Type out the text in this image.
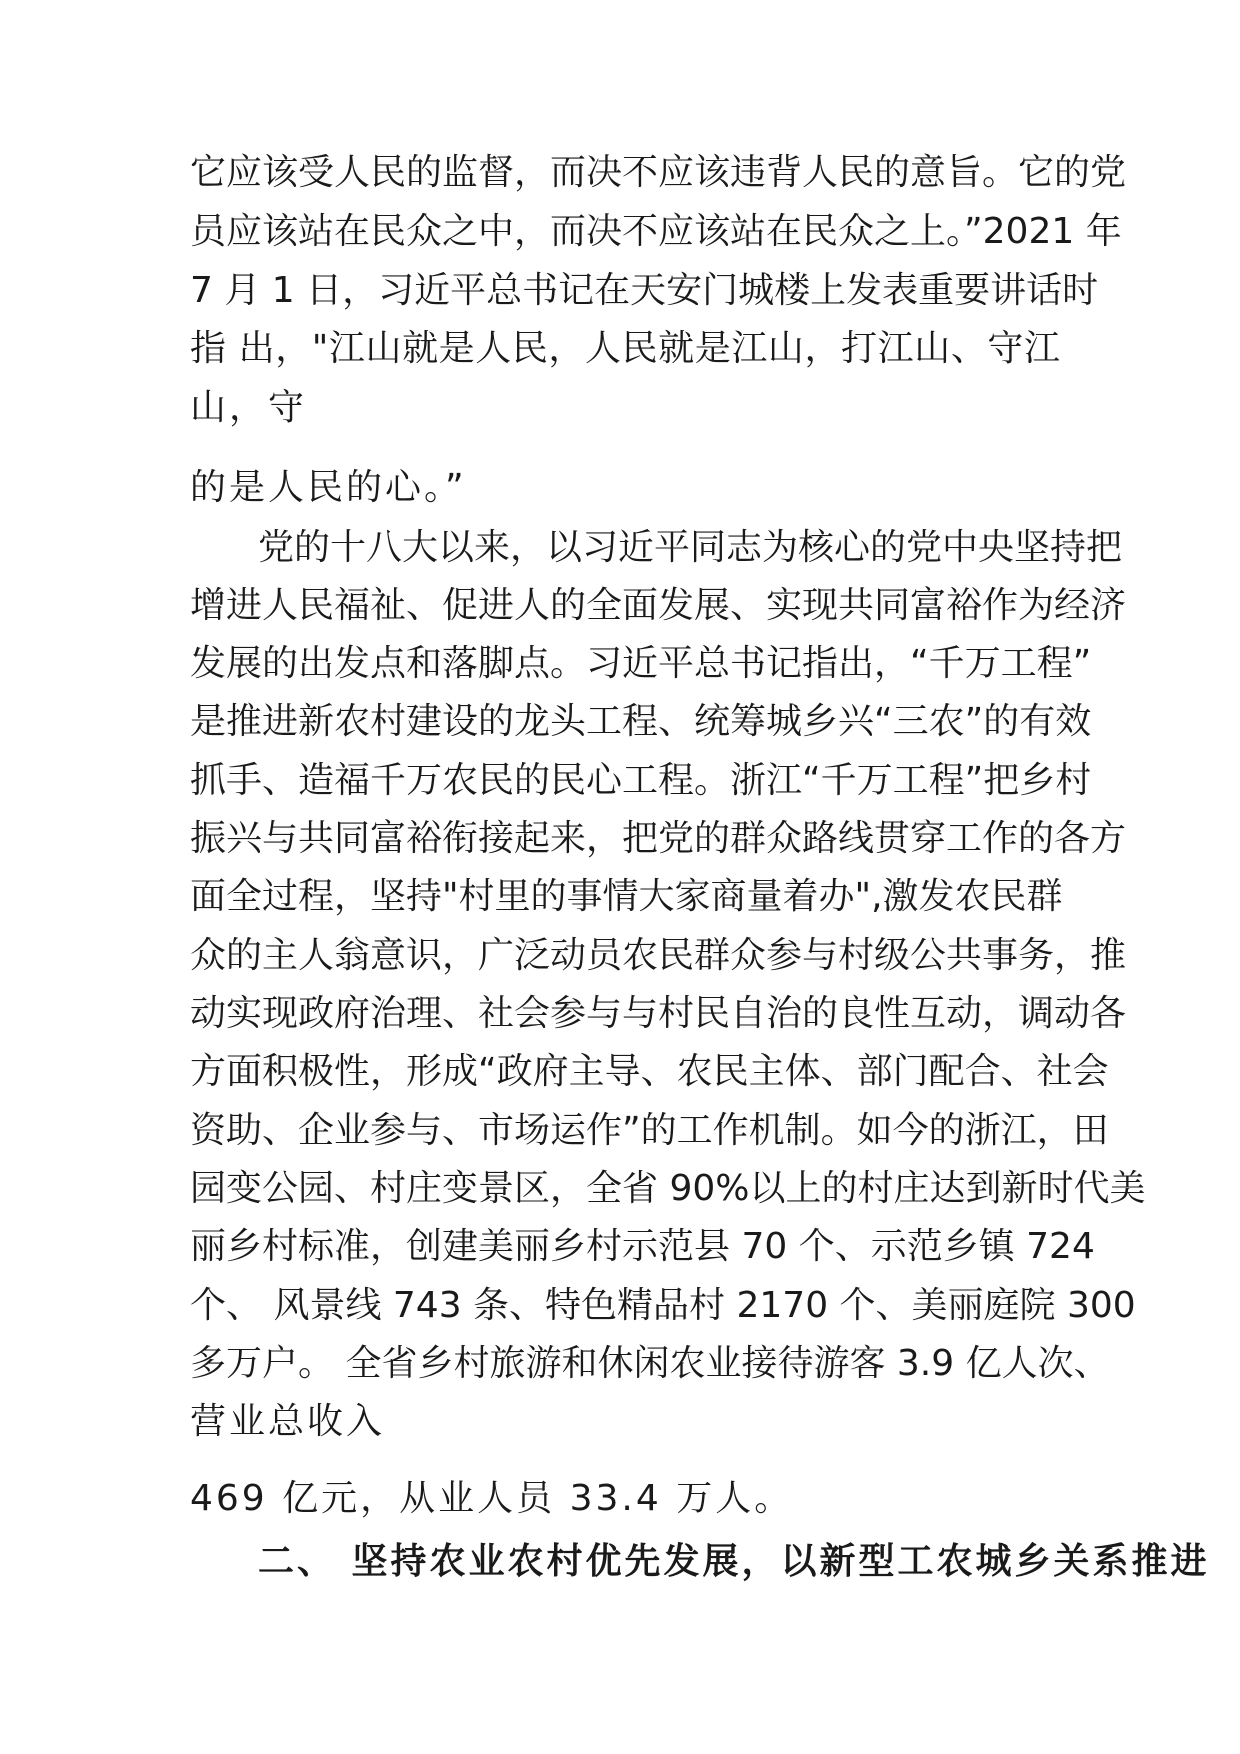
它应该受人民的监督，而决不应该违背人民的意旨。它的党
员应该站在民众之中，而决不应该站在民众之上。”2021 年
7 月 1 日，习近平总书记在天安门城楼上发表重要讲话时
指 出，"江山就是人民，人民就是江山，打江山、守江
山，守
的是人民的心。”
党的十八大以来，以习近平同志为核心的党中央坚持把
增进人民福祉、促进人的全面发展、实现共同富裕作为经济
发展的出发点和落脚点。习近平总书记指出，“千万工程”
是推进新农村建设的龙头工程、统筹城乡兴“三农”的有效
抓手、造福千万农民的民心工程。浙江“千万工程”把乡村
振兴与共同富裕衔接起来，把党的群众路线贯穿工作的各方
面全过程，坚持"村里的事情大家商量着办",激发农民群
众的主人翁意识，广泛动员农民群众参与村级公共事务，推
动实现政府治理、社会参与与村民自治的良性互动，调动各
方面积极性，形成“政府主导、农民主体、部门配合、社会
资助、企业参与、市场运作”的工作机制。如今的浙江，田
园变公园、村庄变景区，全省 90%以上的村庄达到新时代美
丽乡村标准，创建美丽乡村示范县 70 个、示范乡镇 724
个、 风景线 743 条、特色精品村 2170 个、美丽庭院 300
多万户。 全省乡村旅游和休闲农业接待游客 3.9 亿人次、
营业总收入
469 亿元，从业人员 33.4 万人。
二、 坚持农业农村优先发展，以新型工农城乡关系推进
